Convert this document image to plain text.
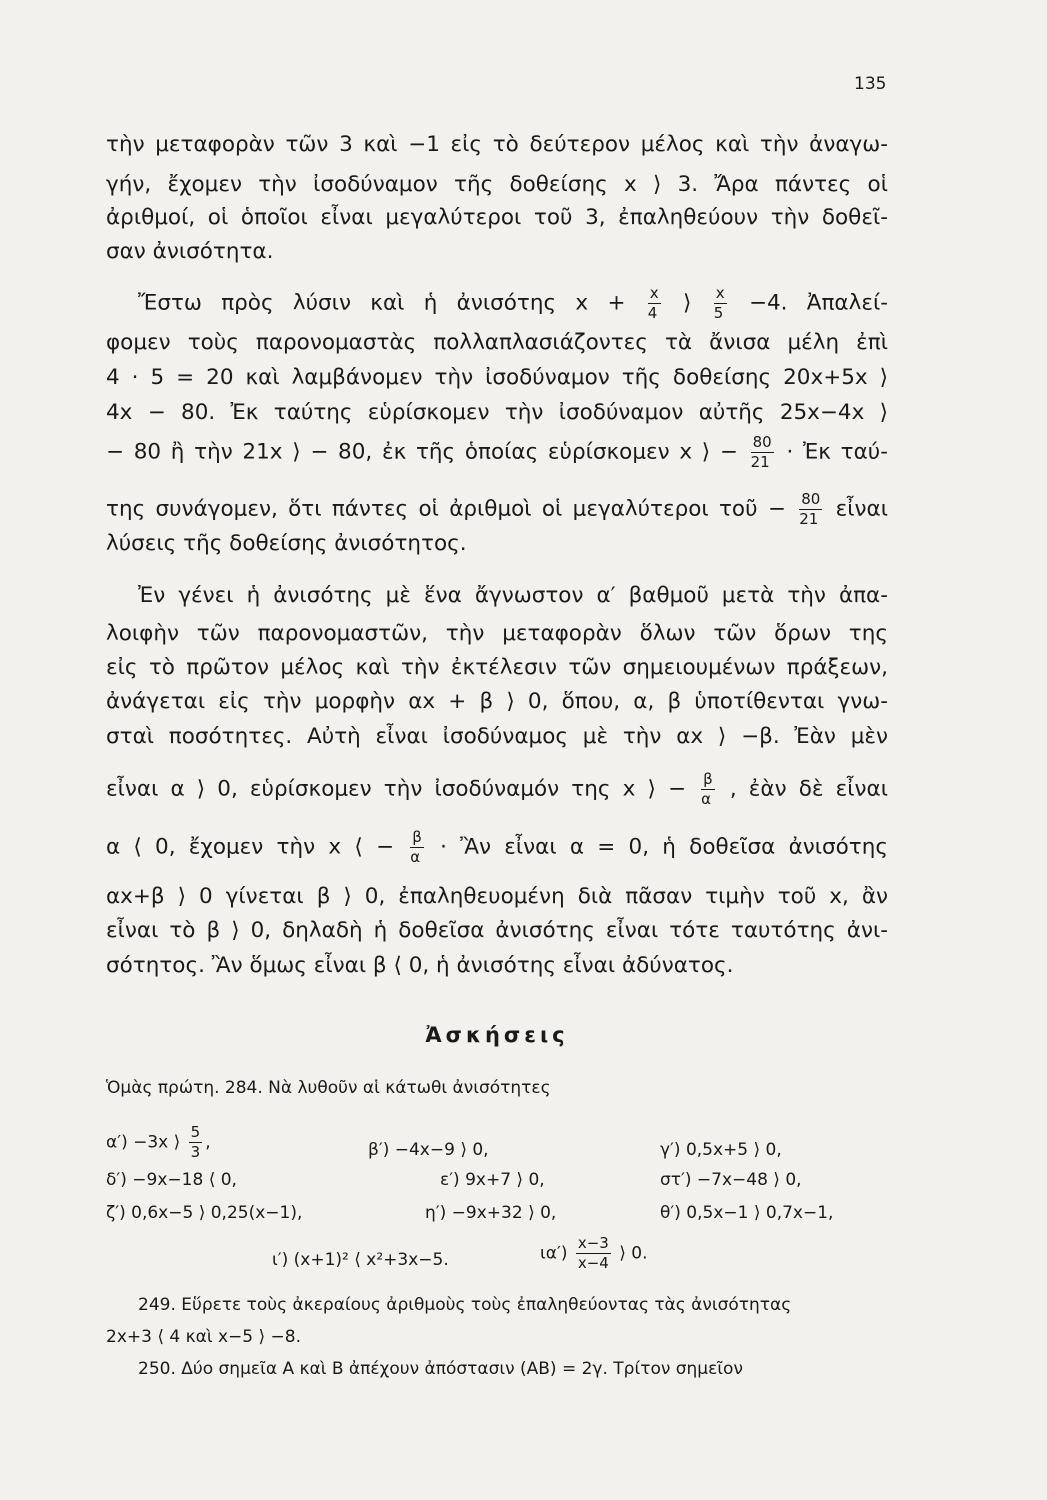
135
τὴν μεταφορὰν τῶν 3 καὶ −1 εἰς τὸ δεύτερον μέλος καὶ τὴν ἀναγω-
γήν, ἔχομεν τὴν ἰσοδύναμον τῆς δοθείσης x ⟩ 3. Ἄρα πάντες οἱ
ἀριθμοί, οἱ ὁποῖοι εἶναι μεγαλύτεροι τοῦ 3, ἐπαληθεύουν τὴν δοθεῖ-
σαν ἀνισότητα.
Ἔστω πρὸς λύσιν καὶ ἡ ἀνισότης $x + \frac{x}{4}$ ⟩ $\frac{x}{5} -4$. Ἀπαλεί-
φομεν τοὺς παρονομαστὰς πολλαπλασιάζοντες τὰ ἄνισα μέλη ἐπὶ
4 · 5 = 20 καὶ λαμβάνομεν τὴν ἰσοδύναμον τῆς δοθείσης 20x+5x ⟩
4x − 80. Ἐκ ταύτης εὑρίσκομεν τὴν ἰσοδύναμον αὐτῆς 25x−4x ⟩
− 80 ἢ τὴν 21x ⟩ − 80, ἐκ τῆς ὁποίας εὑρίσκομεν x ⟩ − $\frac{80}{21}$ · Ἐκ ταύ-
της συνάγομεν, ὅτι πάντες οἱ ἀριθμοὶ οἱ μεγαλύτεροι τοῦ − $\frac{80}{21}$ εἶναι
λύσεις τῆς δοθείσης ἀνισότητος.
Ἐν γένει ἡ ἀνισότης μὲ ἕνα ἄγνωστον α′ βαθμοῦ μετὰ τὴν ἀπα-
λοιφὴν τῶν παρονομαστῶν, τὴν μεταφορὰν ὅλων τῶν ὅρων της
εἰς τὸ πρῶτον μέλος καὶ τὴν ἐκτέλεσιν τῶν σημειουμένων πράξεων,
ἀνάγεται εἰς τὴν μορφὴν αx + β ⟩ 0, ὅπου, α, β ὑποτίθενται γνω-
σταὶ ποσότητες. Αὐτὴ εἶναι ἰσοδύναμος μὲ τὴν αx ⟩ −β. Ἐὰν μὲν
εἶναι α ⟩ 0, εὑρίσκομεν τὴν ἰσοδύναμόν της x ⟩ − $\frac{\beta}{\alpha}$ , ἐὰν δὲ εἶναι
α ⟨ 0, ἔχομεν τὴν x ⟨ − $\frac{\beta}{\alpha}$ · Ἂν εἶναι α = 0, ἡ δοθεῖσα ἀνισότης
αx+β ⟩ 0 γίνεται β ⟩ 0, ἐπαληθευομένη διὰ πᾶσαν τιμὴν τοῦ x, ἂν
εἶναι τὸ β ⟩ 0, δηλαδὴ ἡ δοθεῖσα ἀνισότης εἶναι τότε ταυτότης ἀνι-
σότητος. Ἂν ὅμως εἶναι β ⟨ 0, ἡ ἀνισότης εἶναι ἀδύνατος.
Ἀσκήσεις
Ὁμὰς πρώτη. 284. Νὰ λυθοῦν αἱ κάτωθι ἀνισότητες
α′) −3x ⟩ $\frac{5}{3}$ ,	β′) −4x−9 ⟩ 0,	γ′) 0,5x+5 ⟩ 0,
δ′) −9x−18 ⟨ 0,	ε′) 9x+7 ⟩ 0,	στ′) −7x−48 ⟩ 0,
ζ′) 0,6x−5 ⟩ 0,25(x−1),	η′) −9x+32 ⟩ 0,	θ′) 0,5x−1 ⟩ 0,7x−1,
ι′) (x+1)² ⟨ x²+3x−5.	$\iota\alpha') \frac{x-3}{x-4}$ ⟩ 0.
249. Εὕρετε τοὺς ἀκεραίους ἀριθμοὺς τοὺς ἐπαληθεύοντας τὰς ἀνισότητας
2x+3 ⟨ 4 καὶ x−5 ⟩ −8.
250. Δύο σημεῖα Α καὶ Β ἀπέχουν ἀπόστασιν (ΑΒ) = 2γ. Τρίτον σημεῖον
